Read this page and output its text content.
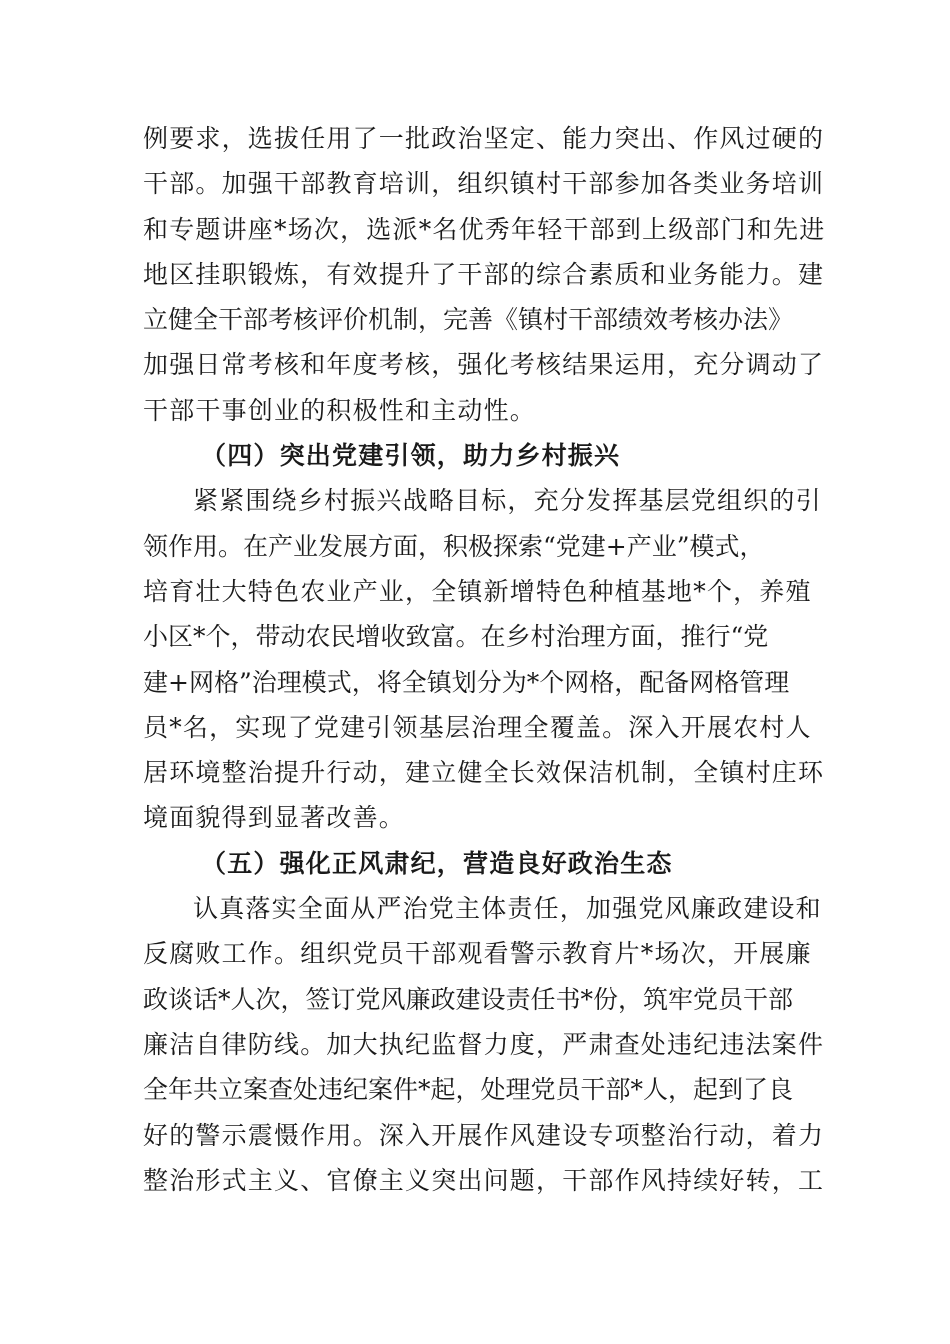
例要求，选拔任用了一批政治坚定、能力突出、作风过硬的
干部。加强干部教育培训，组织镇村干部参加各类业务培训
和专题讲座*场次，选派*名优秀年轻干部到上级部门和先进
地区挂职锻炼，有效提升了干部的综合素质和业务能力。建
立健全干部考核评价机制，完善《镇村干部绩效考核办法》
加强日常考核和年度考核，强化考核结果运用，充分调动了
干部干事创业的积极性和主动性。
（四）突出党建引领，助力乡村振兴
紧紧围绕乡村振兴战略目标，充分发挥基层党组织的引
领作用。在产业发展方面，积极探索“党建+产业”模式，
培育壮大特色农业产业，全镇新增特色种植基地*个，养殖
小区*个，带动农民增收致富。在乡村治理方面，推行“党
建+网格”治理模式，将全镇划分为*个网格，配备网格管理
员*名，实现了党建引领基层治理全覆盖。深入开展农村人
居环境整治提升行动，建立健全长效保洁机制，全镇村庄环
境面貌得到显著改善。
（五）强化正风肃纪，营造良好政治生态
认真落实全面从严治党主体责任，加强党风廉政建设和
反腐败工作。组织党员干部观看警示教育片*场次，开展廉
政谈话*人次，签订党风廉政建设责任书*份，筑牢党员干部
廉洁自律防线。加大执纪监督力度，严肃查处违纪违法案件
全年共立案查处违纪案件*起，处理党员干部*人，起到了良
好的警示震慑作用。深入开展作风建设专项整治行动，着力
整治形式主义、官僚主义突出问题，干部作风持续好转，工
